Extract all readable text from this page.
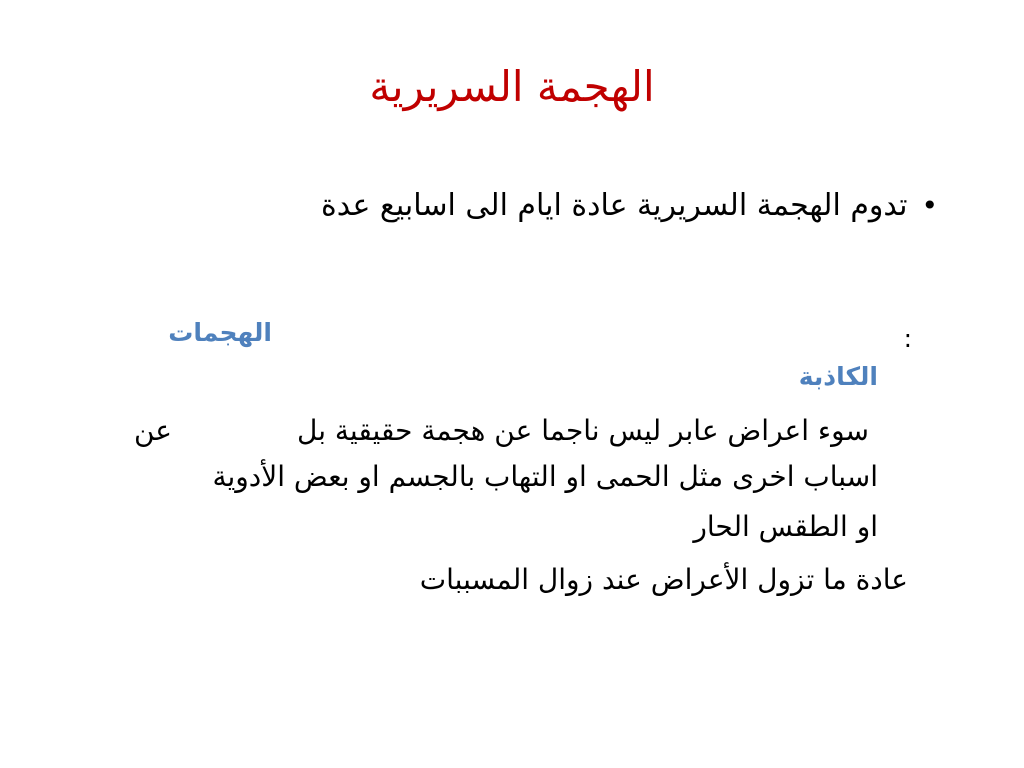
الهجمة السريرية
•
تدوم الهجمة السريرية عادة ايام الى اسابيع عدة
الهجمات	:
الكاذبة
سوء اعراض عابر ليس ناجما عن هجمة حقيقية بل
عن
اسباب اخرى مثل الحمى او التهاب بالجسم او بعض الأدوية
او الطقس الحار
عادة ما تزول الأعراض عند زوال المسببات
